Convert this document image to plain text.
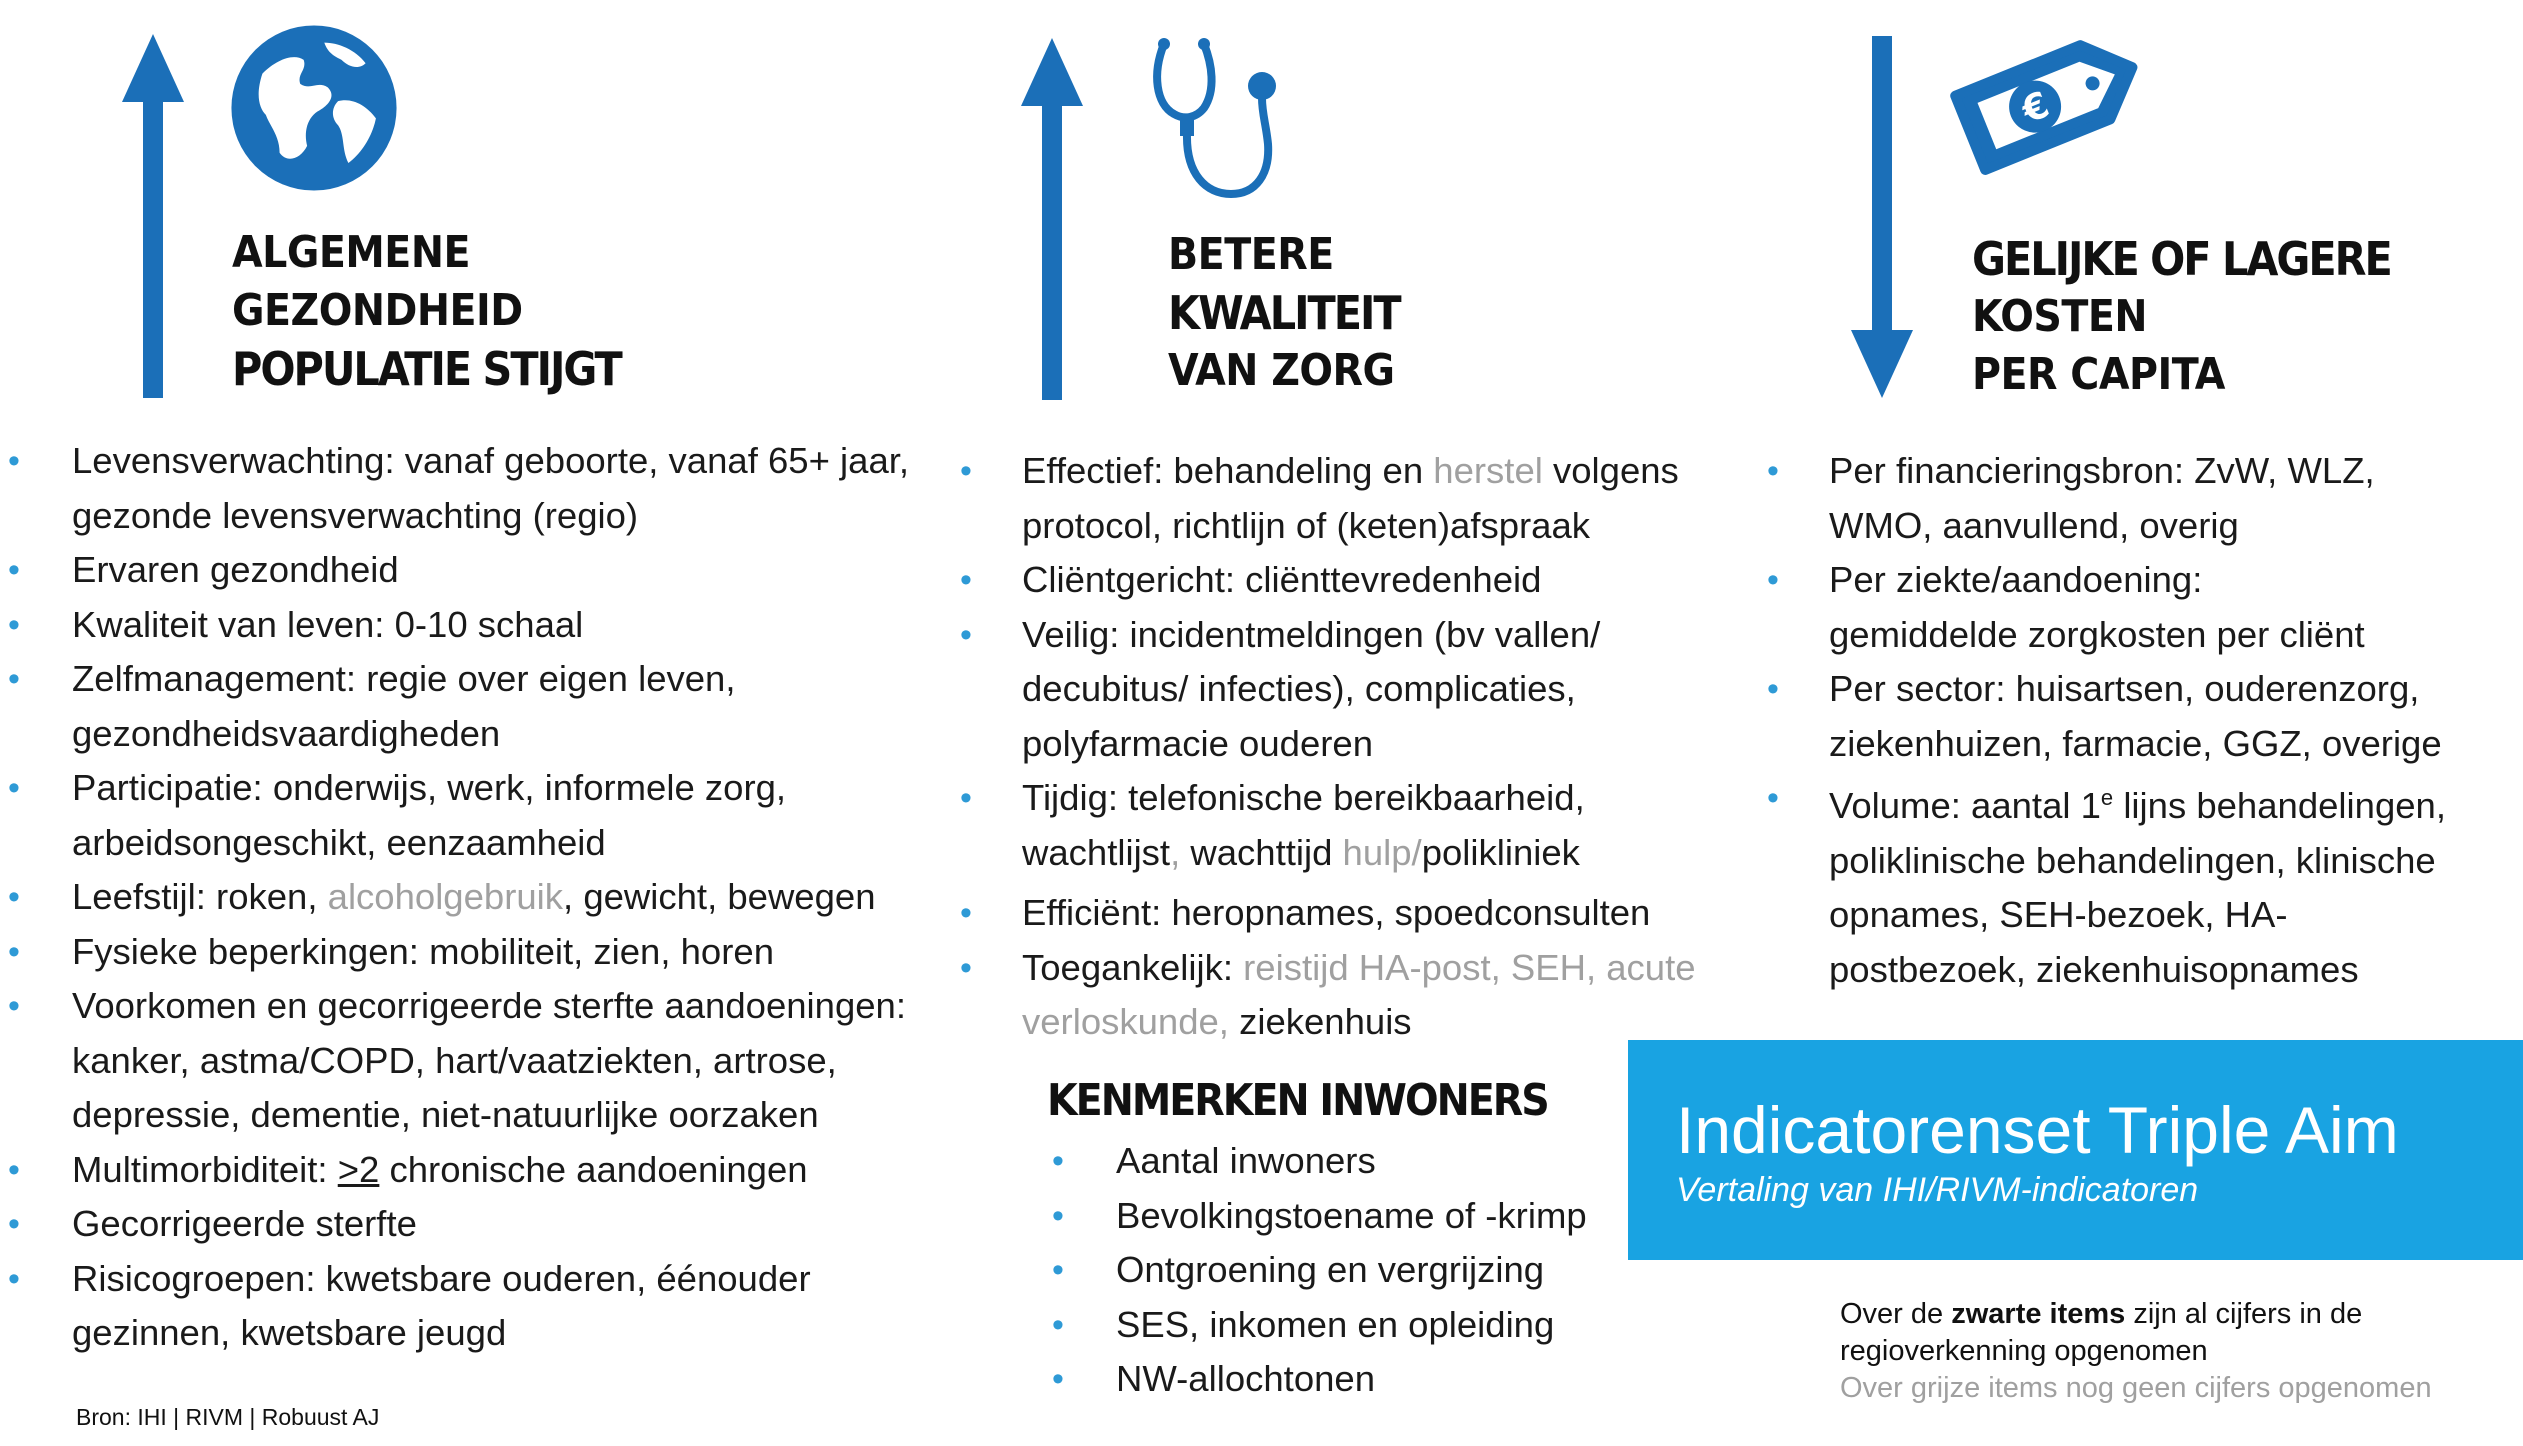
ALGEMENE
GEZONDHEID
POPULATIE STIJGT
• Levensverwachting: vanaf geboorte, vanaf 65+ jaar,
gezonde levensverwachting (regio)
• Ervaren gezondheid
• Kwaliteit van leven: 0-10 schaal
• Zelfmanagement: regie over eigen leven,
gezondheidsvaardigheden
• Participatie: onderwijs, werk, informele zorg,
arbeidsongeschikt, eenzaamheid
• Leefstijl: roken, alcoholgebruik, gewicht, bewegen
• Fysieke beperkingen: mobiliteit, zien, horen
• Voorkomen en gecorrigeerde sterfte aandoeningen:
kanker, astma/COPD, hart/vaatziekten, artrose,
depressie, dementie, niet-natuurlijke oorzaken
• Multimorbiditeit: >2 chronische aandoeningen
• Gecorrigeerde sterfte
• Risicogroepen: kwetsbare ouderen, éénouder
gezinnen, kwetsbare jeugd
Bron: IHI | RIVM | Robuust AJ
BETERE
KWALITEIT
VAN ZORG
• Effectief: behandeling en herstel volgens
protocol, richtlijn of (keten)afspraak
• Cliëntgericht: cliënttevredenheid
• Veilig: incidentmeldingen (bv vallen/
decubitus/ infecties), complicaties,
polyfarmacie ouderen
• Tijdig: telefonische bereikbaarheid,
wachtlijst, wachttijd hulp/polikliniek
• Efficiënt: heropnames, spoedconsulten
• Toegankelijk: reistijd HA-post, SEH, acute
verloskunde, ziekenhuis
KENMERKEN INWONERS
• Aantal inwoners
• Bevolkingstoename of -krimp
• Ontgroening en vergrijzing
• SES, inkomen en opleiding
• NW-allochtonen
€
GELIJKE OF LAGERE
KOSTEN
PER CAPITA
• Per financieringsbron: ZvW, WLZ,
WMO, aanvullend, overig
• Per ziekte/aandoening:
gemiddelde zorgkosten per cliënt
• Per sector: huisartsen, ouderenzorg,
ziekenhuizen, farmacie, GGZ, overige
• Volume: aantal 1e lijns behandelingen,
poliklinische behandelingen, klinische
opnames, SEH-bezoek, HA-
postbezoek, ziekenhuisopnames
Indicatorenset Triple Aim
Vertaling van IHI/RIVM-indicatoren
Over de zwarte items zijn al cijfers in de
regioverkenning opgenomen
Over grijze items nog geen cijfers opgenomen
